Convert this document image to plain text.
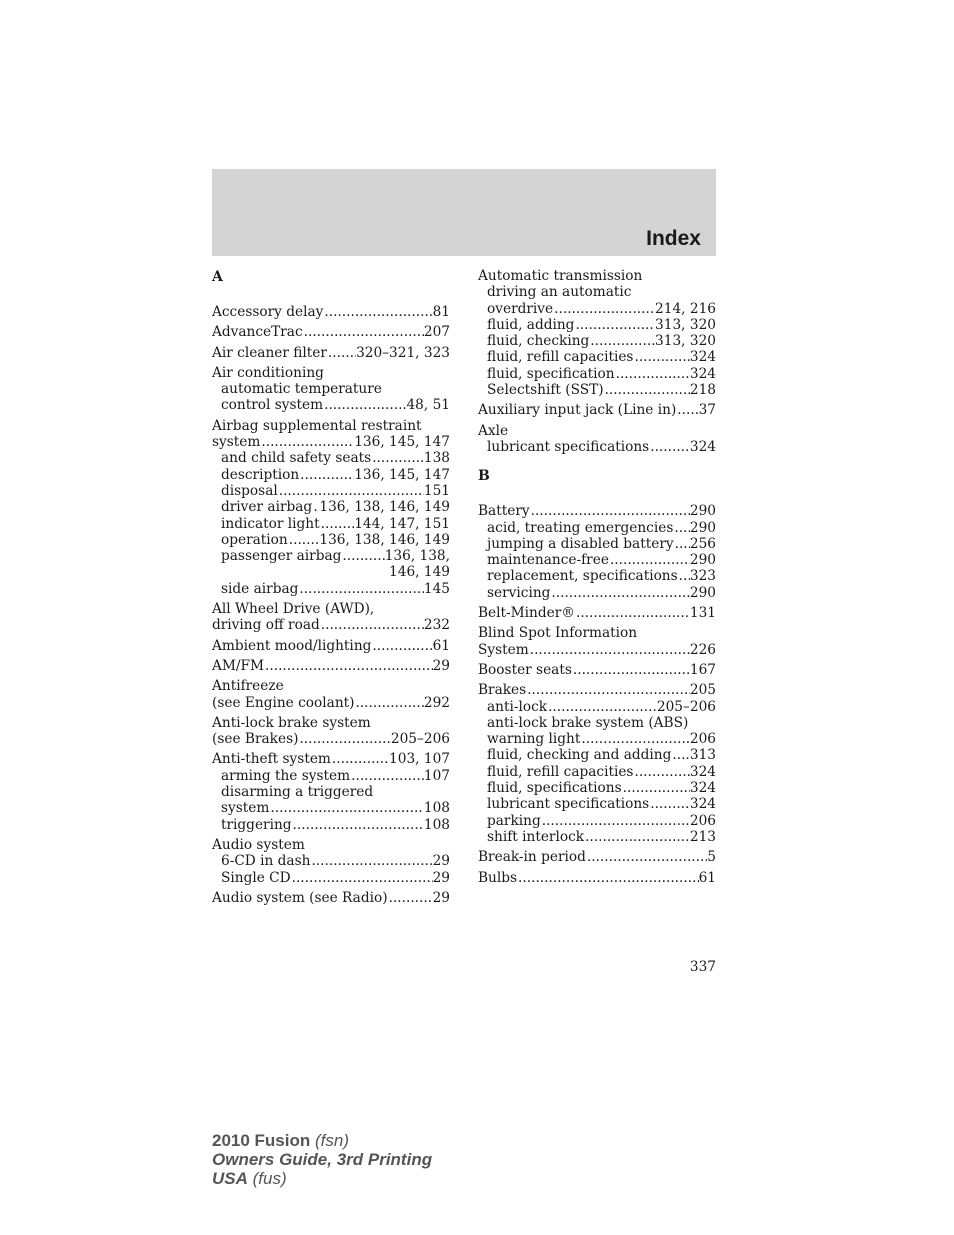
Index
A
Accessory delay .....	81
AdvanceTrac .....	207
Air cleaner filter ..... 320–321, 323
Air conditioning
automatic temperature
control system .....	48, 51
Airbag supplemental restraint
system .....	136, 145, 147
and child safety seats .....	138
description .....	136, 145, 147
disposal .....	151
driver airbag ..... 136, 138, 146, 149
indicator light .....	144, 147, 151
operation ..... 136, 138, 146, 149
passenger airbag .....	136, 138,
146, 149
side airbag .....	145
All Wheel Drive (AWD),
driving off road .....	232
Ambient mood/lighting .....	61
AM/FM .....	29
Antifreeze
(see Engine coolant) .....	292
Anti-lock brake system
(see Brakes) .....	205–206
Anti-theft system .....	103, 107
arming the system .....	107
disarming a triggered
system .....	108
triggering .....	108
Audio system
6-CD in dash .....	29
Single CD .....	29
Audio system (see Radio) .....	29
Automatic transmission
driving an automatic
overdrive .....	214, 216
fluid, adding .....	313, 320
fluid, checking .....	313, 320
fluid, refill capacities .....	324
fluid, specification .....	324
Selectshift (SST) .....	218
Auxiliary input jack (Line in) ..... 37
Axle
lubricant specifications .....	324
B
Battery .....	290
acid, treating emergencies ..... 290
jumping a disabled battery ..... 256
maintenance-free .....	290
replacement, specifications ..... 323
servicing .....	290
Belt-Minder® .....	131
Blind Spot Information
System .....	226
Booster seats .....	167
Brakes .....	205
anti-lock .....	205–206
anti-lock brake system (ABS)
warning light .....	206
fluid, checking and adding ..... 313
fluid, refill capacities .....	324
fluid, specifications .....	324
lubricant specifications .....	324
parking .....	206
shift interlock .....	213
Break-in period .....	5
Bulbs .....	61
337
2010 Fusion (fsn)
Owners Guide, 3rd Printing
USA (fus)
